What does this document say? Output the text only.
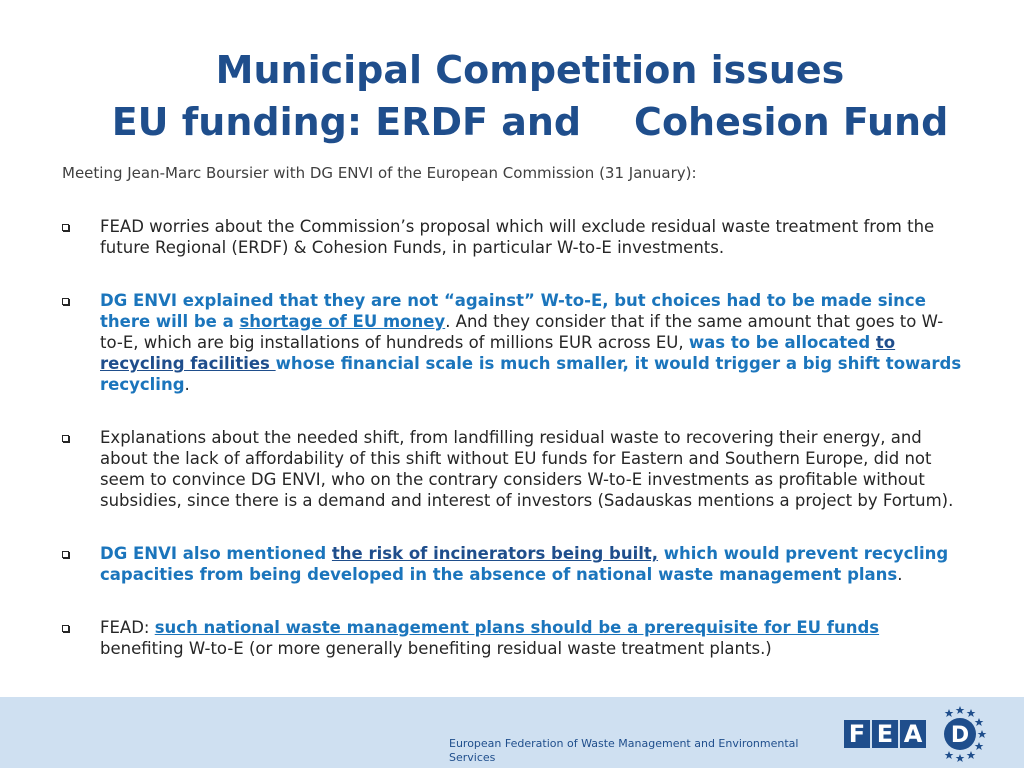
Municipal Competition issues
EU funding: ERDF and    Cohesion Fund
Meeting Jean-Marc Boursier with DG ENVI of the European Commission (31 January):
FEAD worries about the Commission’s proposal which will exclude residual waste treatment from the future Regional (ERDF) & Cohesion Funds, in particular W-to-E investments.
DG ENVI explained that they are not “against” W-to-E, but choices had to be made since there will be a shortage of EU money. And they consider that if the same amount that goes to W-to-E, which are big installations of hundreds of millions EUR across EU, was to be allocated to recycling facilities whose financial scale is much smaller, it would trigger a big shift towards recycling.
Explanations about the needed shift, from landfilling residual waste to recovering their energy, and about the lack of affordability of this shift without EU funds for Eastern and Southern Europe, did not seem to convince DG ENVI, who on the contrary considers W-to-E investments as profitable without subsidies, since there is a demand and interest of investors (Sadauskas mentions a project by Fortum).
DG ENVI also mentioned the risk of incinerators being built, which would prevent recycling capacities from being developed in the absence of national waste management plans.
FEAD: such national waste management plans should be a prerequisite for EU funds benefiting W-to-E (or more generally benefiting residual waste treatment plants.)
European Federation of Waste Management and Environmental Services
F E A D
